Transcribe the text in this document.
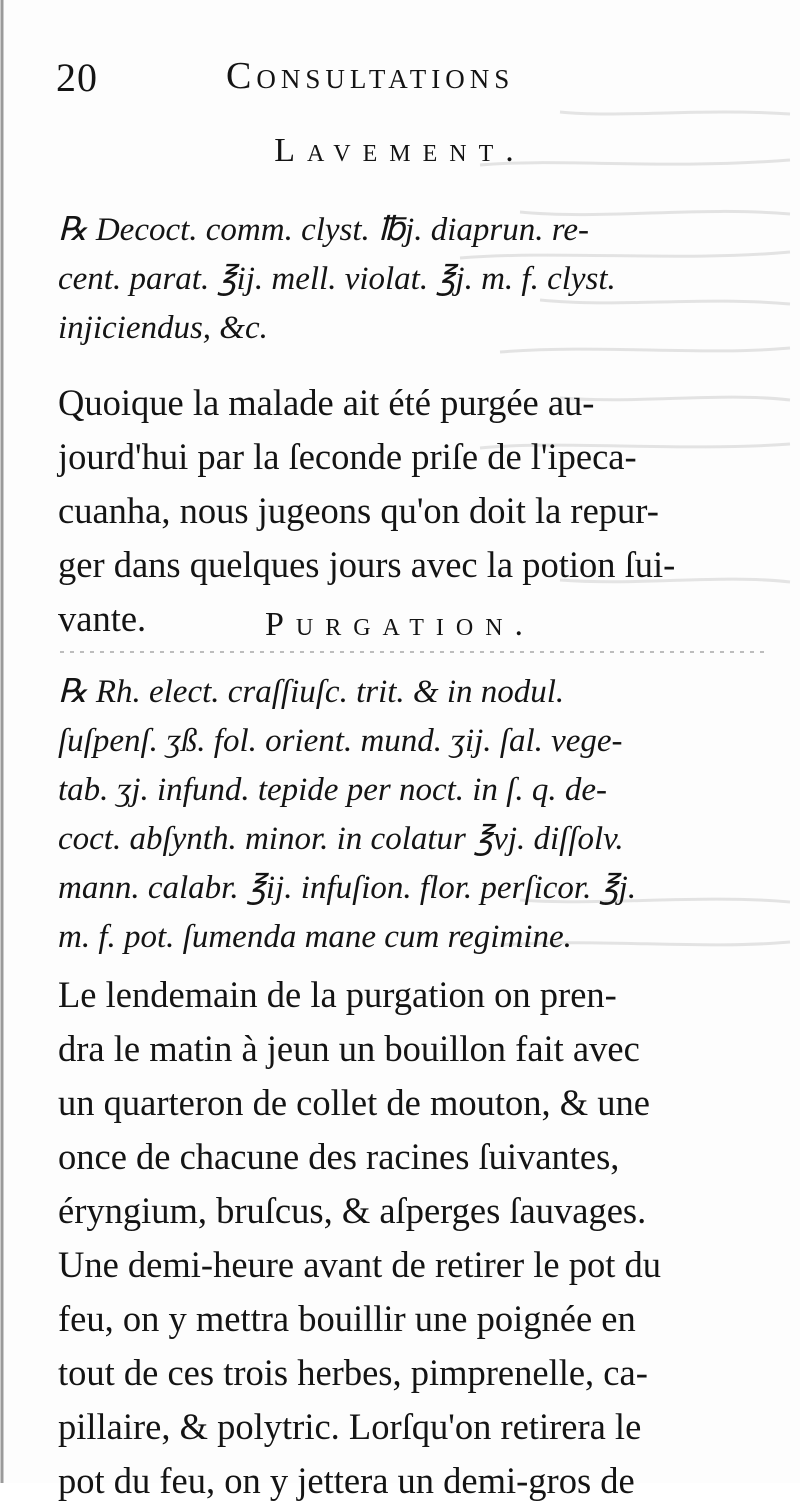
20	Consultations
Lavement.
℞ Decoct. comm. clyst. ℔j. diaprun. re-
cent. parat. ℥ij. mell. violat. ℥j. m. f. clyst.
injiciendus, &c.
Quoique la malade ait été purgée au-
jourd'hui par la ſeconde priſe de l'ipeca-
cuanha, nous jugeons qu'on doit la repur-
ger dans quelques jours avec la potion ſui-
vante.	Purgation.
℞ Rh. elect. craſſiuſc. trit. & in nodul.
ſuſpenſ. ʒß. fol. orient. mund. ʒij. ſal. vege-
tab. ʒj. infund. tepide per noct. in ſ. q. de-
coct. abſynth. minor. in colatur ℥vj. diſſolv.
mann. calabr. ℥ij. infuſion. flor. perſicor. ℥j.
m. f. pot. ſumenda mane cum regimine.
Le lendemain de la purgation on pren-
dra le matin à jeun un bouillon fait avec
un quarteron de collet de mouton, & une
once de chacune des racines ſuivantes,
éryngium, bruſcus, & aſperges ſauvages.
Une demi-heure avant de retirer le pot du
feu, on y mettra bouillir une poignée en
tout de ces trois herbes, pimprenelle, ca-
pillaire, & polytric. Lorſqu'on retirera le
pot du feu, on y jettera un demi-gros de
